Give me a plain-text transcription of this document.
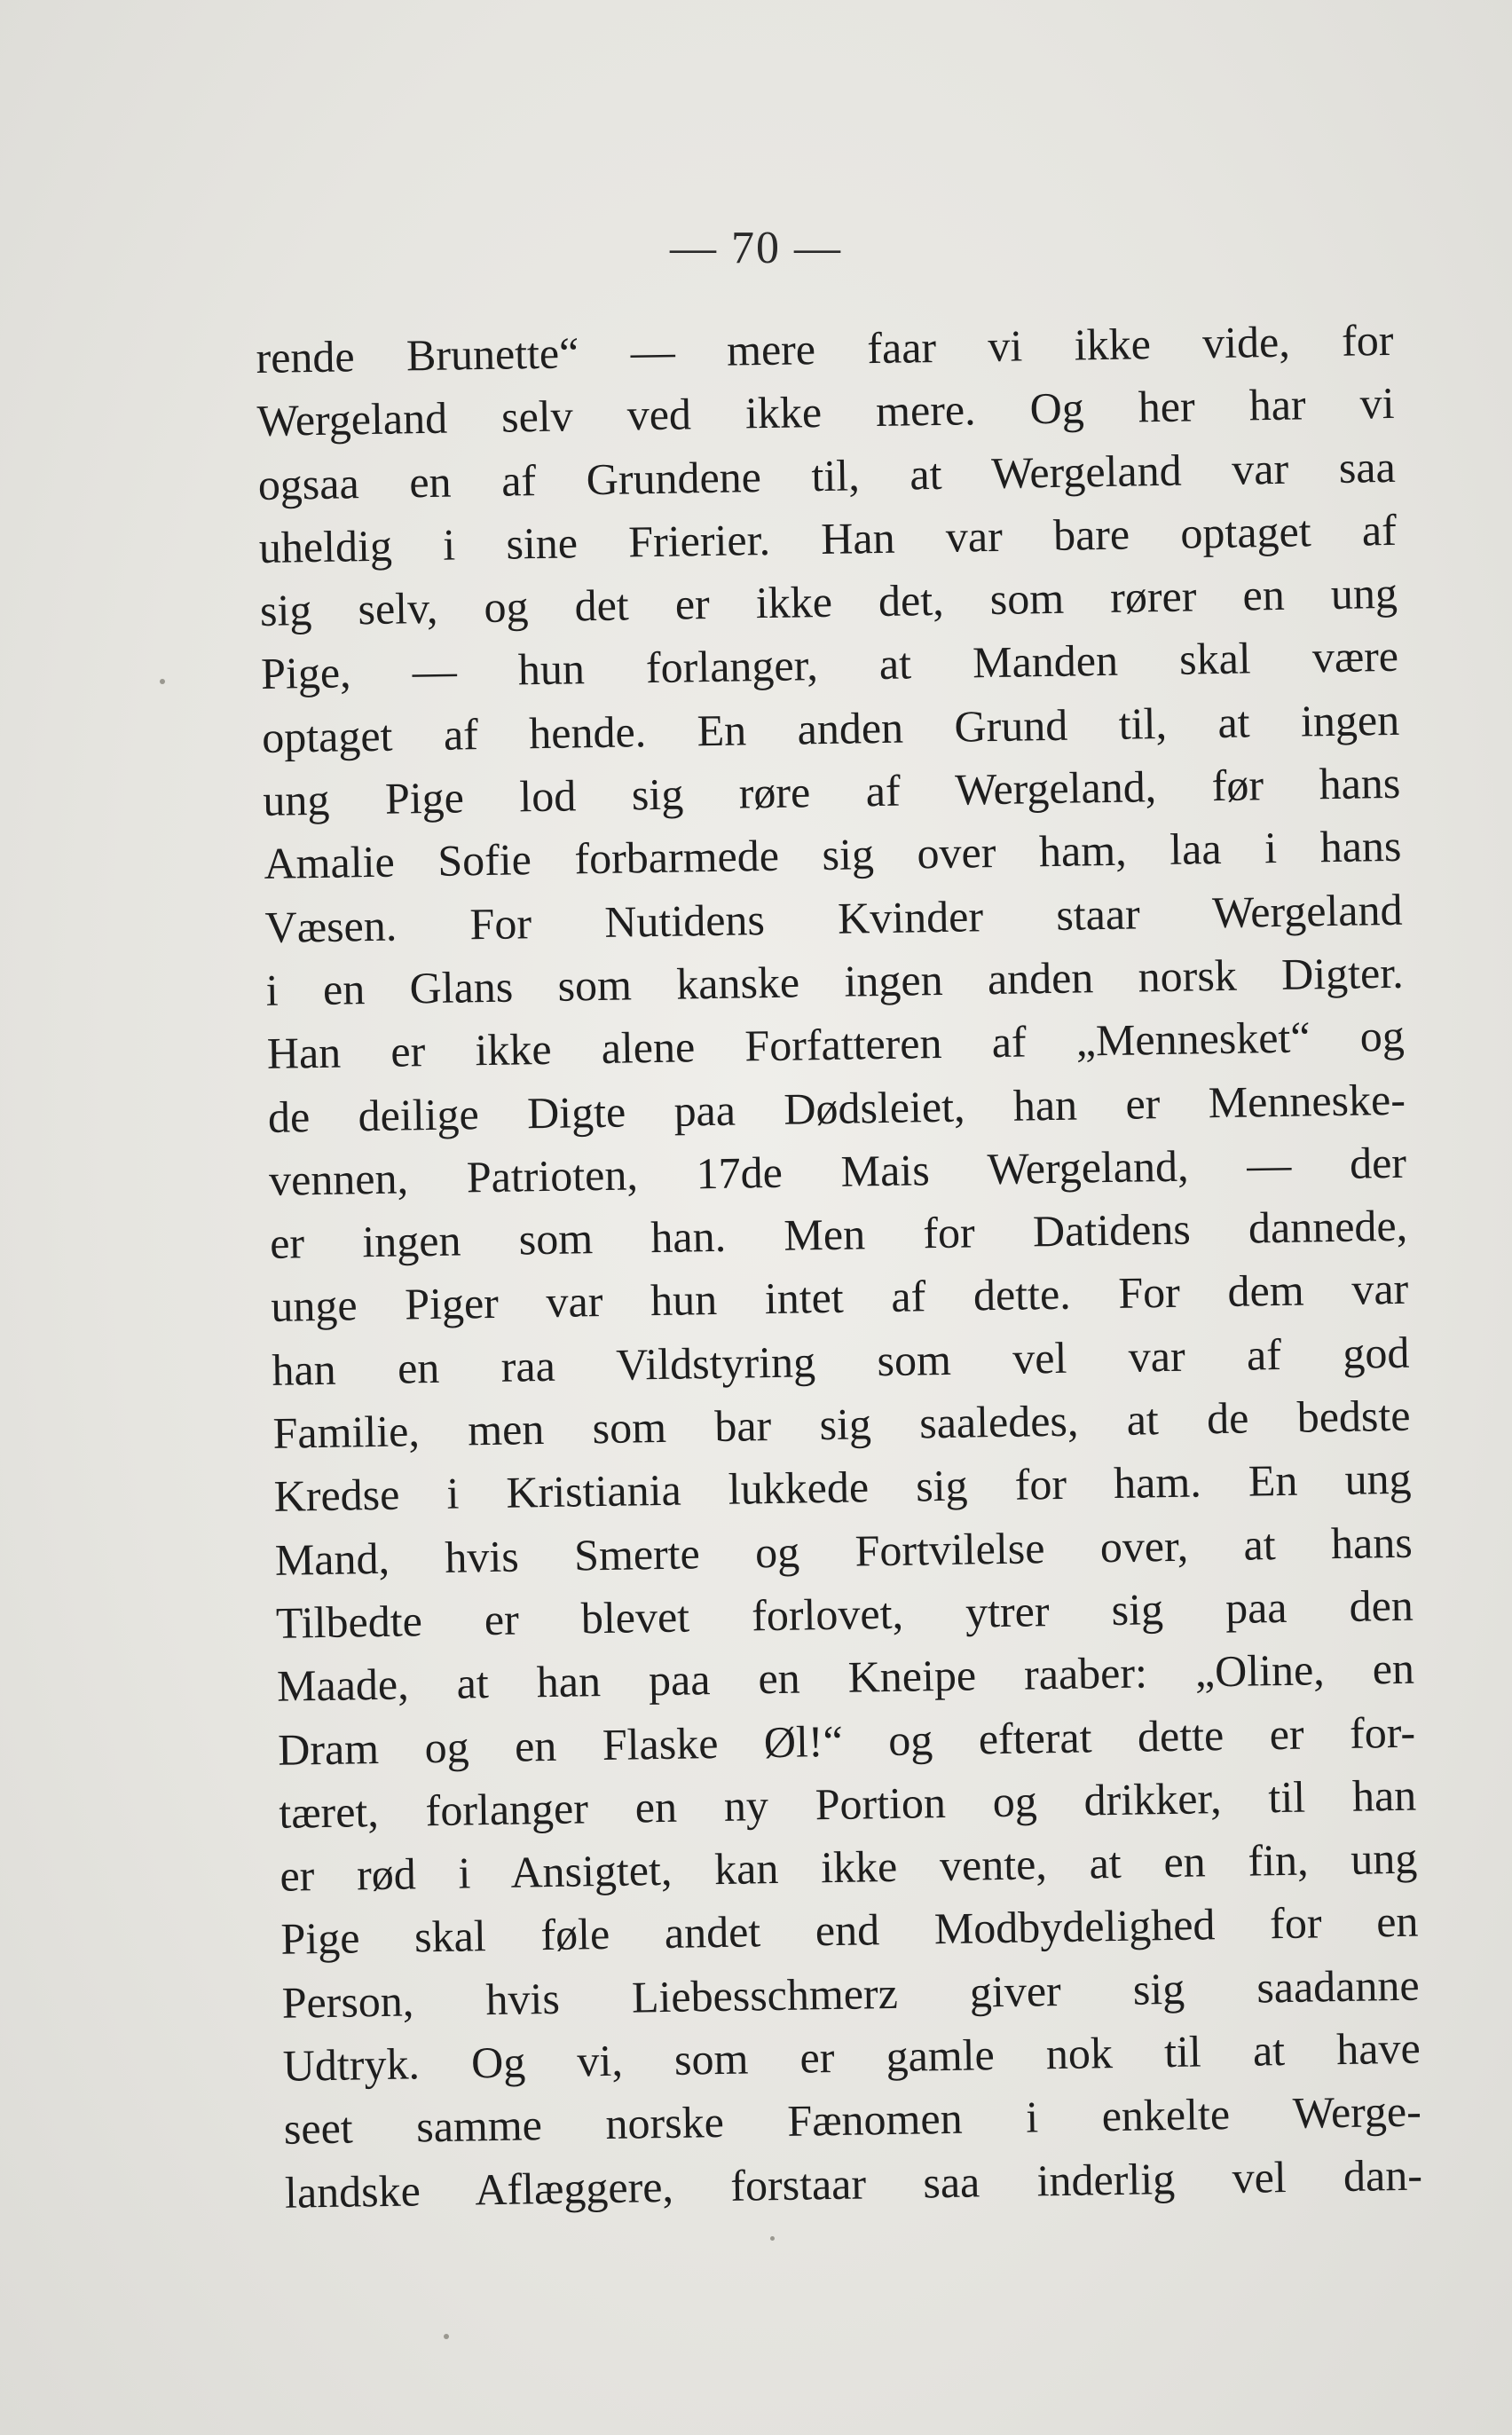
— 70 —
rende Brunette“ — mere faar vi ikke vide, for
Wergeland selv ved ikke mere. Og her har vi
ogsaa en af Grundene til, at Wergeland var saa
uheldig i sine Frierier. Han var bare optaget af
sig selv, og det er ikke det, som rører en ung
Pige, — hun forlanger, at Manden skal være
optaget af hende. En anden Grund til, at ingen
ung Pige lod sig røre af Wergeland, før hans
Amalie Sofie forbarmede sig over ham, laa i hans
Væsen. For Nutidens Kvinder staar Wergeland
i en Glans som kanske ingen anden norsk Digter.
Han er ikke alene Forfatteren af „Mennesket“ og
de deilige Digte paa Dødsleiet, han er Menneske-
vennen, Patrioten, 17de Mais Wergeland, — der
er ingen som han. Men for Datidens dannede,
unge Piger var hun intet af dette. For dem var
han en raa Vildstyring som vel var af god
Familie, men som bar sig saaledes, at de bedste
Kredse i Kristiania lukkede sig for ham. En ung
Mand, hvis Smerte og Fortvilelse over, at hans
Tilbedte er blevet forlovet, ytrer sig paa den
Maade, at han paa en Kneipe raaber: „Oline, en
Dram og en Flaske Øl!“ og efterat dette er for-
tæret, forlanger en ny Portion og drikker, til han
er rød i Ansigtet, kan ikke vente, at en fin, ung
Pige skal føle andet end Modbydelighed for en
Person, hvis Liebesschmerz giver sig saadanne
Udtryk. Og vi, som er gamle nok til at have
seet samme norske Fænomen i enkelte Werge-
landske Aflæggere, forstaar saa inderlig vel dan-
